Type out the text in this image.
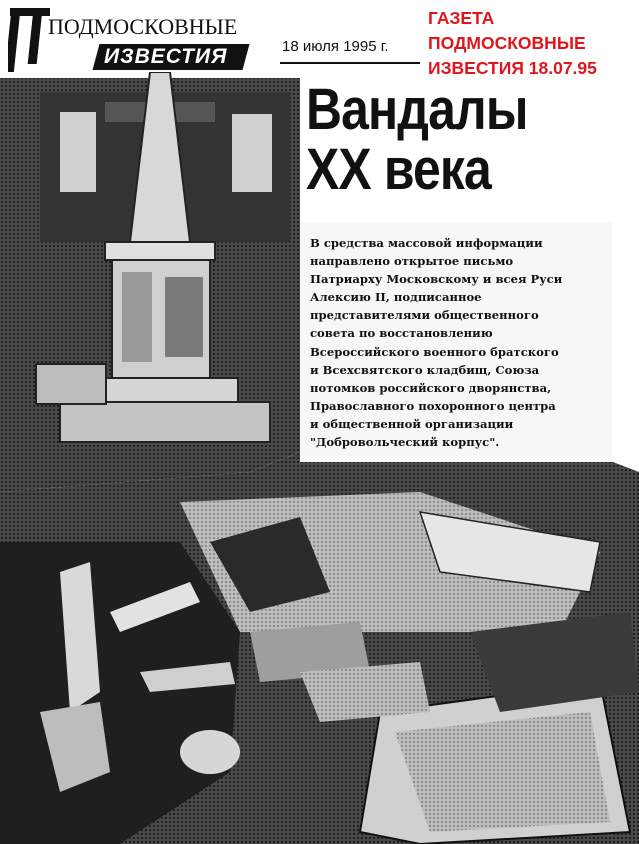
ПОДМОСКОВНЫЕ
ИЗВЕСТИЯ	18 июля 1995 г.
ГАЗЕТА
ПОДМОСКОВНЫЕ
ИЗВЕСТИЯ 18.07.95
Вандалы
XX века
В средства массовой информации
направлено открытое письмо
Патриарху Московскому и всея Руси
Алексию II, подписанное
представителями общественного
совета по восстановлению
Всероссийского военного братского
и Всехсвятского кладбищ, Союза
потомков российского дворянства,
Православного похоронного центра
и общественной организации
"Добровольческий корпус".
